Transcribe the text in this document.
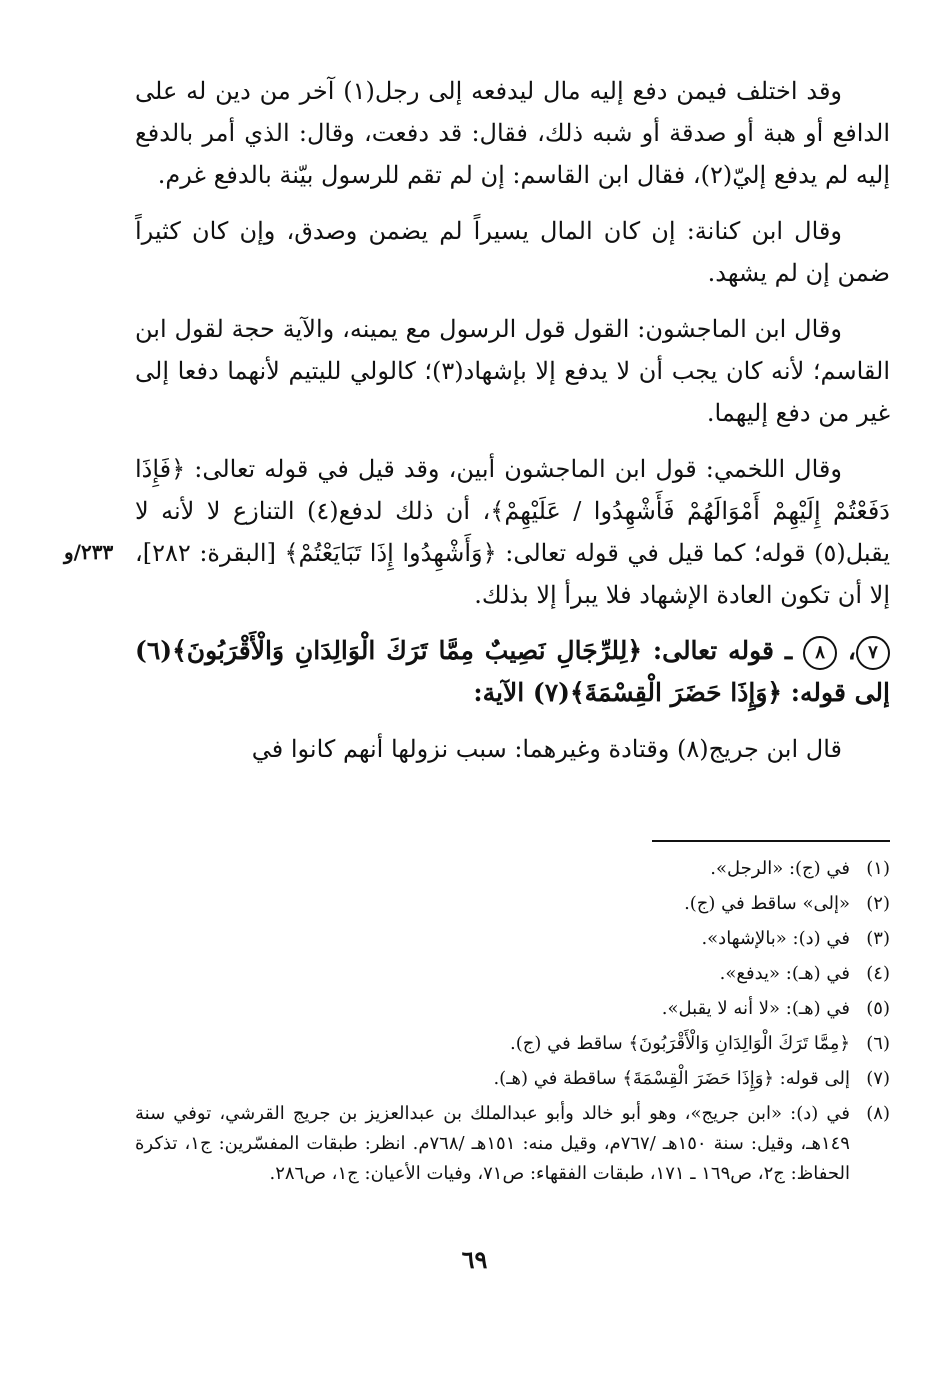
وقد اختلف فيمن دفع إليه مال ليدفعه إلى رجل(١) آخر من دين له على الدافع أو هبة أو صدقة أو شبه ذلك، فقال: قد دفعت، وقال: الذي أمر بالدفع إليه لم يدفع إليّ(٢)، فقال ابن القاسم: إن لم تقم للرسول بيّنة بالدفع غرم.

وقال ابن كنانة: إن كان المال يسيراً لم يضمن وصدق، وإن كان كثيراً ضمن إن لم يشهد.

وقال ابن الماجشون: القول قول الرسول مع يمينه، والآية حجة لقول ابن القاسم؛ لأنه كان يجب أن لا يدفع إلا بإشهاد(٣)؛ كالولي لليتيم لأنهما دفعا إلى غير من دفع إليهما.

وقال اللخمي: قول ابن الماجشون أبين، وقد قيل في قوله تعالى: ﴿فَإِذَا دَفَعْتُمْ إِلَيْهِمْ أَمْوَالَهُمْ فَأَشْهِدُوا / عَلَيْهِمْ﴾، أن ذلك لدفع(٤) التنازع لا لأنه لا يقبل(٥) قوله؛ كما قيل في قوله تعالى: ﴿وَأَشْهِدُوا إِذَا تَبَايَعْتُمْ﴾ [البقرة: ٢٨٢]، إلا أن تكون العادة الإشهاد فلا يبرأ إلا بذلك.

٧، ٨ ـ قوله تعالى: ﴿لِلرِّجَالِ نَصِيبٌ مِمَّا تَرَكَ الْوَالِدَانِ وَالْأَقْرَبُونَ﴾(٦) إلى قوله: ﴿وَإِذَا حَضَرَ الْقِسْمَةَ﴾(٧) الآية:

قال ابن جريج(٨) وقتادة وغيرهما: سبب نزولها أنهم كانوا في

٢٣٣/و
(١)
في (ج): «الرجل».
(٢)
«إلى» ساقط في (ج).
(٣)
في (د): «بالإشهاد».
(٤)
في (هـ): «يدفع».
(٥)
في (هـ): «لا أنه لا يقبل».
(٦)
﴿مِمَّا تَرَكَ الْوَالِدَانِ وَالْأَقْرَبُونَ﴾ ساقط في (ج).
(٧)
إلى قوله: ﴿وَإِذَا حَضَرَ الْقِسْمَةَ﴾ ساقطة في (هـ).
(٨)
في (د): «ابن جريج»، وهو أبو خالد وأبو عبدالملك بن عبدالعزيز بن جريج القرشي، توفي سنة ١٤٩هـ، وقيل: سنة ١٥٠هـ /٧٦٧م، وقيل منه: ١٥١هـ /٧٦٨م. انظر: طبقات المفسّرين: ج١، تذكرة الحفاظ: ج٢، ص١٦٩ ـ ١٧١، طبقات الفقهاء: ص٧١، وفيات الأعيان: ج١، ص٢٨٦.
٦٩
